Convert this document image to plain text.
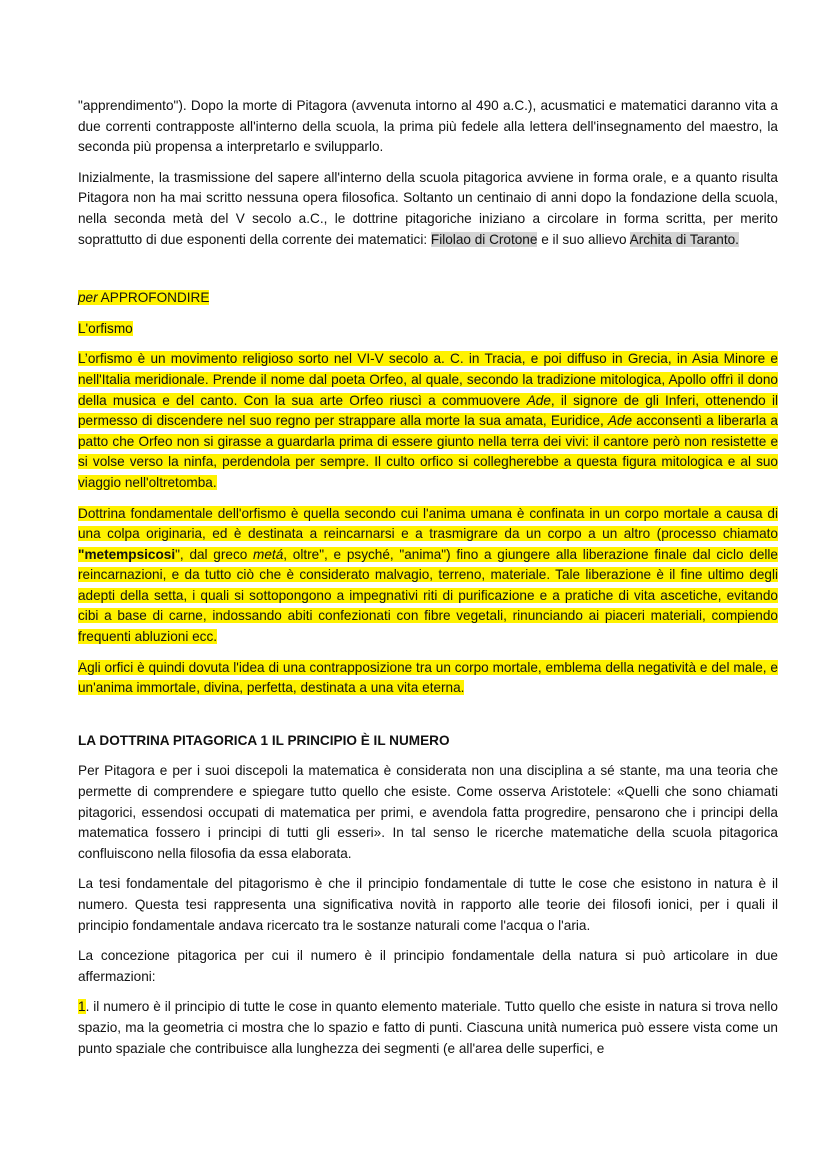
"apprendimento"). Dopo la morte di Pitagora (avvenuta intorno al 490 a.C.), acusmatici e matematici daranno vita a due correnti contrapposte all'interno della scuola, la prima più fedele alla lettera dell'insegnamento del maestro, la seconda più propensa a interpretarlo e svilupparlo.

Inizialmente, la trasmissione del sapere all'interno della scuola pitagorica avviene in forma orale, e a quanto risulta Pitagora non ha mai scritto nessuna opera filosofica. Soltanto un centinaio di anni dopo la fondazione della scuola, nella seconda metà del V secolo a.C., le dottrine pitagoriche iniziano a circolare in forma scritta, per merito soprattutto di due esponenti della corrente dei matematici: Filolao di Crotone e il suo allievo Archita di Taranto.

per APPROFONDIRE

L'orfismo

L’orfismo è un movimento religioso sorto nel VI-V secolo a. C. in Tracia, e poi diffuso in Grecia, in Asia Minore e nell'Italia meridionale. Prende il nome dal poeta Orfeo, al quale, secondo la tradizione mitologica, Apollo offrì il dono della musica e del canto. Con la sua arte Orfeo riuscì a commuovere Ade, il signore de gli Inferi, ottenendo il permesso di discendere nel suo regno per strappare alla morte la sua amata, Euridice, Ade acconsentì a liberarla a patto che Orfeo non si girasse a guardarla prima di essere giunto nella terra dei vivi: il cantore però non resistette e si volse verso la ninfa, perdendola per sempre. Il culto orfico si collegherebbe a questa figura mitologica e al suo viaggio nell'oltretomba.

Dottrina fondamentale dell'orfismo è quella secondo cui l'anima umana è confinata in un corpo mortale a causa di una colpa originaria, ed è destinata a reincarnarsi e a trasmigrare da un corpo a un altro (processo chiamato "metempsicosi", dal greco metá, oltre", e psyché, "anima") fino a giungere alla liberazione finale dal ciclo delle reincarnazioni, e da tutto ciò che è considerato malvagio, terreno, materiale. Tale liberazione è il fine ultimo degli adepti della setta, i quali si sottopongono a impegnativi riti di purificazione e a pratiche di vita ascetiche, evitando cibi a base di carne, indossando abiti confezionati con fibre vegetali, rinunciando ai piaceri materiali, compiendo frequenti abluzioni ecc.

Agli orfici è quindi dovuta l'idea di una contrapposizione tra un corpo mortale, emblema della negatività e del male, e un'anima immortale, divina, perfetta, destinata a una vita eterna.

LA DOTTRINA PITAGORICA 1 IL PRINCIPIO È IL NUMERO

Per Pitagora e per i suoi discepoli la matematica è considerata non una disciplina a sé stante, ma una teoria che permette di comprendere e spiegare tutto quello che esiste. Come osserva Aristotele: «Quelli che sono chiamati pitagorici, essendosi occupati di matematica per primi, e avendola fatta progredire, pensarono che i principi della matematica fossero i principi di tutti gli esseri». In tal senso le ricerche matematiche della scuola pitagorica confluiscono nella filosofia da essa elaborata.

La tesi fondamentale del pitagorismo è che il principio fondamentale di tutte le cose che esistono in natura è il numero. Questa tesi rappresenta una significativa novità in rapporto alle teorie dei filosofi ionici, per i quali il principio fondamentale andava ricercato tra le sostanze naturali come l'acqua o l'aria.

La concezione pitagorica per cui il numero è il principio fondamentale della natura si può articolare in due affermazioni:

1. il numero è il principio di tutte le cose in quanto elemento materiale. Tutto quello che esiste in natura si trova nello spazio, ma la geometria ci mostra che lo spazio e fatto di punti. Ciascuna unità numerica può essere vista come un punto spaziale che contribuisce alla lunghezza dei segmenti (e all'area delle superfici, e
